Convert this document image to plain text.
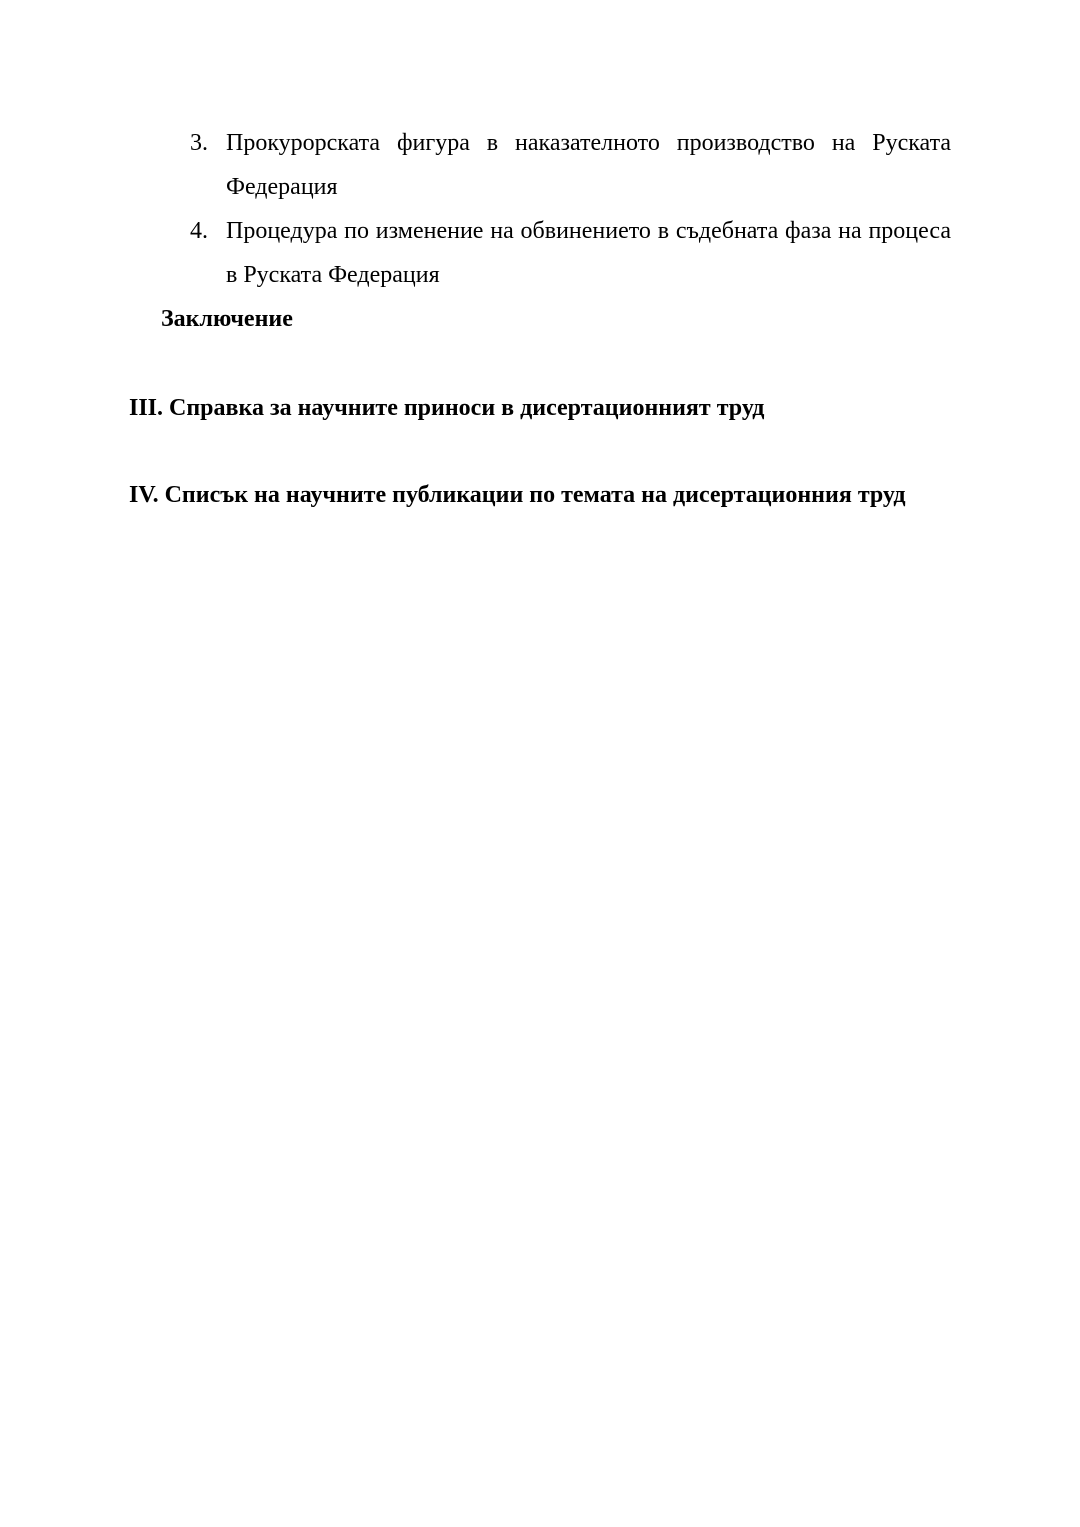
3. Прокурорската фигура в наказателното производство на Руската Федерация
4. Процедура по изменение на обвинението в съдебната фаза на процеса в Руската Федерация
Заключение
III. Справка за научните приноси в дисертационният труд
IV. Списък на научните публикации по темата на дисертационния труд
